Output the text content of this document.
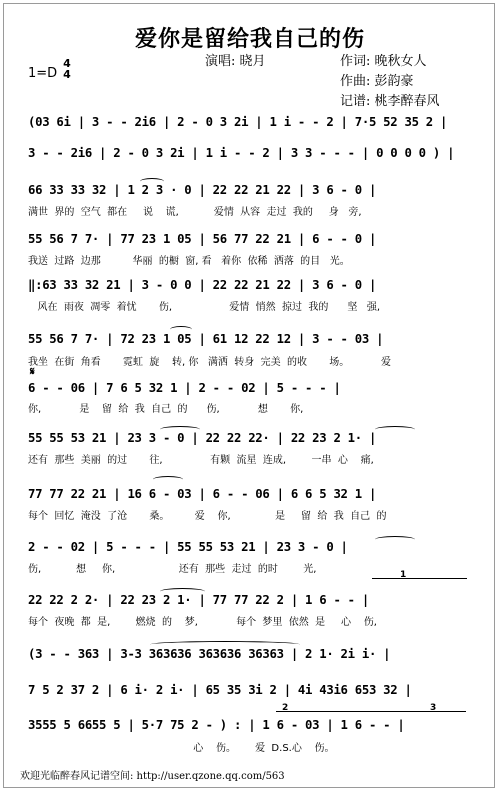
爱你是留给我自己的伤
1=D
4
4
演唱: 晓月	作词: 晚秋女人
作曲: 彭韵豪
记谱: 桃李醉春风
(03 6i | 3 - - 2i6 | 2 - 0 3 2i | 1 i - - 2 | 7·5 52 35 2 |
3 - - 2i6 | 2 - 0 3 2i | 1 i - - 2 | 3 3 - - - | 0 0 0 0 ) |
66 33 33 32 | 1 2 3 · 0 | 22 22 21 22 | 3 6 - 0 |
满世  界的  空气  都在     说    谎,           爱情  从容  走过  我的     身   旁,
55 56 7 7· | 77 23 1 05 | 56 77 22 21 | 6 - - 0 |
我送  过路  边那          华丽  的橱  窗, 看   着你  依稀  洒落  的目   光。
‖:63 33 32 21 | 3 - 0 0 | 22 22 21 22 | 3 6 - 0 |
风在  雨夜  凋零  着忧       伤,                  爱情  悄然  掠过  我的      坚   强,
55 56 7 7· | 72 23 1 05 | 61 12 22 12 | 3 - - 03 |
我坐  在街  角看       霓虹  旋    转, 你   满洒  转身  完美  的收       场。          爱
𝄋
6 - - 06 | 7 6 5 32 1 | 2 - - 02 | 5 - - - |
你,            是    留  给  我  自己  的      伤,            想       你,
55 55 53 21 | 23 3 - 0 | 22 22 22· | 22 23 2 1· |
还有  那些  美丽  的过       往,               有颗  流星  连成,        一串  心    痛,
77 77 22 21 | 16 6 - 03 | 6 - - 06 | 6 6 5 32 1 |
每个  回忆  淹没  了沧       桑。        爱    你,              是     留  给  我  自己  的
2 - - 02 | 5 - - - | 55 55 53 21 | 23 3 - 0 |
伤,           想     你,                    还有  那些  走过  的时        光,	1
22 22 2 2· | 22 23 2 1· | 77 77 22 2 | 1 6 - - |
每个  夜晚  都  是,        燃烧  的    梦,            每个  梦里  依然  是     心    伤,
(3 - - 363 | 3-3 363636 363636 36363 | 2 1· 2i i· |
7 5 2 37 2 | 6 i· 2 i· | 65 35 3i 2 | 4i 43i6 653 32 |
2	3
3555 5 6655 5 | 5·7 75 2 - ) : | 1 6 - 03 | 1 6 - - |
心    伤。      爱  D.S.心    伤。
欢迎光临醉春风记谱空间: http://user.qzone.qq.com/563
